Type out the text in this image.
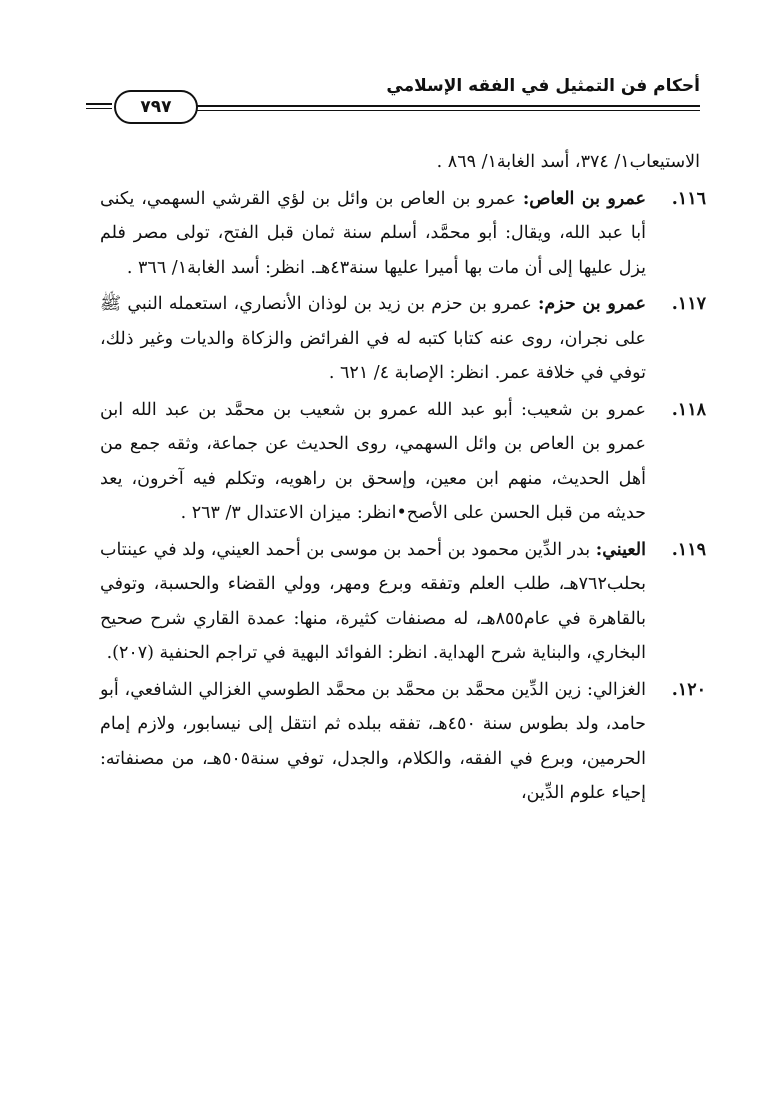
أحكام فن التمثيل في الفقه الإسلامي
٧٩٧
الاستيعاب١/ ٣٧٤، أسد الغابة١/ ٨٦٩ .
١١٦.
عمرو بن العاص: عمرو بن العاص بن وائل بن لؤي القرشي السهمي، يكنى أبا عبد الله، ويقال: أبو محمَّد، أسلم سنة ثمان قبل الفتح، تولى مصر فلم يزل عليها إلى أن مات بها أميرا عليها سنة٤٣هـ. انظر: أسد الغابة١/ ٣٦٦ .
١١٧.
عمرو بن حزم: عمرو بن حزم بن زيد بن لوذان الأنصاري، استعمله النبي ﷺ على نجران، روى عنه كتابا كتبه له في الفرائض والزكاة والديات وغير ذلك، توفي في خلافة عمر. انظر: الإصابة ٤/ ٦٢١ .
١١٨.
عمرو بن شعيب: أبو عبد الله عمرو بن شعيب بن محمَّد بن عبد الله ابن عمرو بن العاص بن وائل السهمي، روى الحديث عن جماعة، وثقه جمع من أهل الحديث، منهم ابن معين، وإسحق بن راهويه، وتكلم فيه آخرون، يعد حديثه من قبل الحسن على الأصح•انظر: ميزان الاعتدال ٣/ ٢٦٣ .
١١٩.
العيني: بدر الدِّين محمود بن أحمد بن موسى بن أحمد العيني، ولد في عينتاب بحلب٧٦٢هـ، طلب العلم وتفقه وبرع ومهر، وولي القضاء والحسبة، وتوفي بالقاهرة في عام٨٥٥هـ، له مصنفات كثيرة، منها: عمدة القاري شرح صحيح البخاري، والبناية شرح الهداية. انظر: الفوائد البهية في تراجم الحنفية (٢٠٧).
١٢٠.
الغزالي: زين الدِّين محمَّد بن محمَّد بن محمَّد الطوسي الغزالي الشافعي، أبو حامد، ولد بطوس سنة ٤٥٠هـ، تفقه ببلده ثم انتقل إلى نيسابور، ولازم إمام الحرمين، وبرع في الفقه، والكلام، والجدل، توفي سنة٥٠٥هـ، من مصنفاته: إحياء علوم الدِّين،
